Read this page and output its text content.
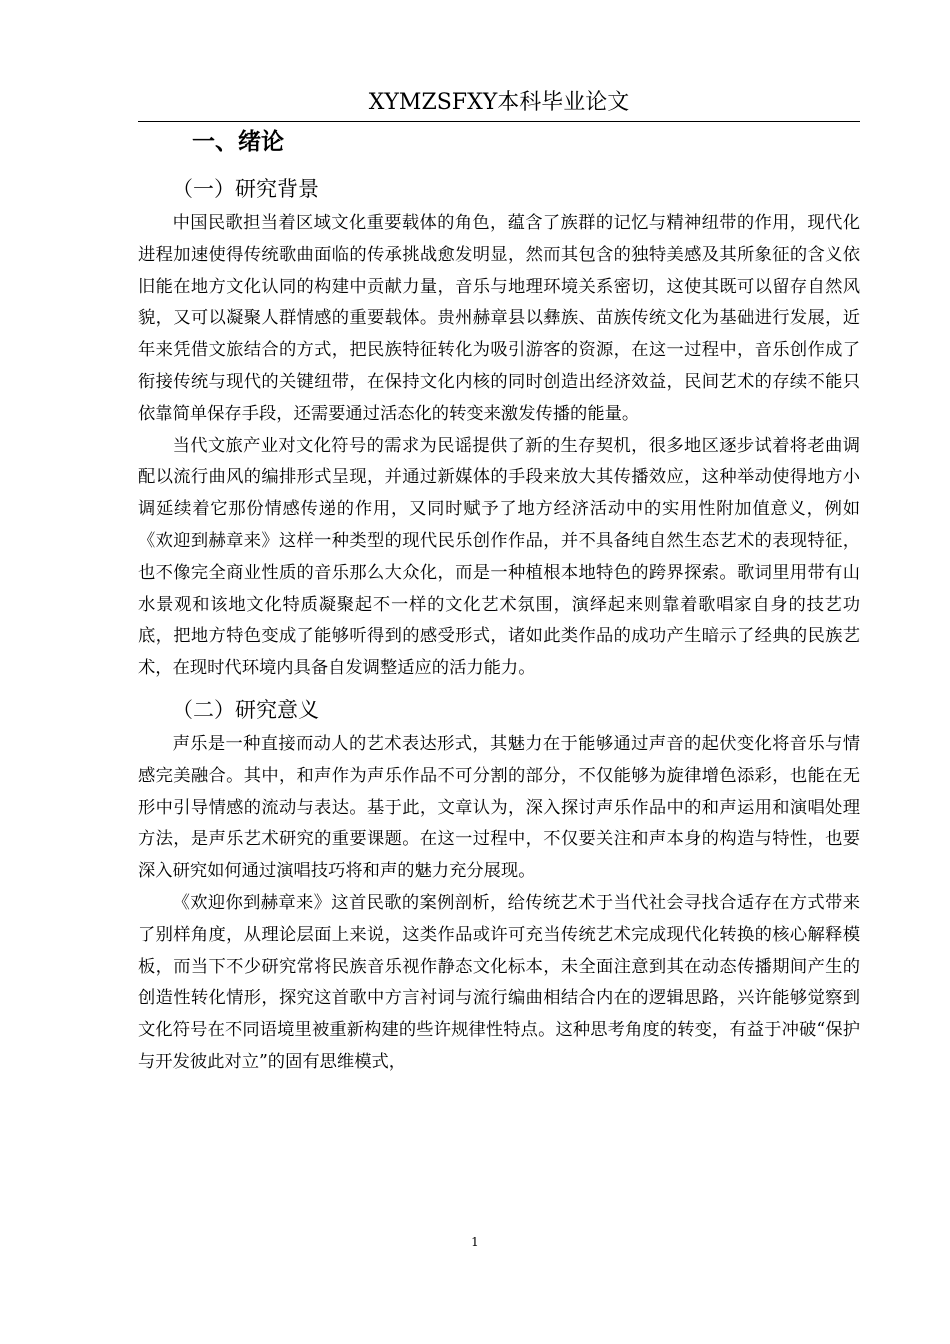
XYMZSFXY本科毕业论文
一、绪论
（一）研究背景

中国民歌担当着区域文化重要载体的角色，蕴含了族群的记忆与精神纽带的作用，现代化进程加速使得传统歌曲面临的传承挑战愈发明显，然而其包含的独特美感及其所象征的含义依旧能在地方文化认同的构建中贡献力量，音乐与地理环境关系密切，这使其既可以留存自然风貌，又可以凝聚人群情感的重要载体。贵州赫章县以彝族、苗族传统文化为基础进行发展，近年来凭借文旅结合的方式，把民族特征转化为吸引游客的资源，在这一过程中，音乐创作成了衔接传统与现代的关键纽带，在保持文化内核的同时创造出经济效益，民间艺术的存续不能只依靠简单保存手段，还需要通过活态化的转变来激发传播的能量。

当代文旅产业对文化符号的需求为民谣提供了新的生存契机，很多地区逐步试着将老曲调配以流行曲风的编排形式呈现，并通过新媒体的手段来放大其传播效应，这种举动使得地方小调延续着它那份情感传递的作用，又同时赋予了地方经济活动中的实用性附加值意义，例如《欢迎到赫章来》这样一种类型的现代民乐创作作品，并不具备纯自然生态艺术的表现特征，也不像完全商业性质的音乐那么大众化，而是一种植根本地特色的跨界探索。歌词里用带有山水景观和该地文化特质凝聚起不一样的文化艺术氛围，演绎起来则靠着歌唱家自身的技艺功底，把地方特色变成了能够听得到的感受形式，诸如此类作品的成功产生暗示了经典的民族艺术，在现时代环境内具备自发调整适应的活力能力。

（二）研究意义

声乐是一种直接而动人的艺术表达形式，其魅力在于能够通过声音的起伏变化将音乐与情感完美融合。其中，和声作为声乐作品不可分割的部分，不仅能够为旋律增色添彩，也能在无形中引导情感的流动与表达。基于此，文章认为，深入探讨声乐作品中的和声运用和演唱处理方法，是声乐艺术研究的重要课题。在这一过程中，不仅要关注和声本身的构造与特性，也要深入研究如何通过演唱技巧将和声的魅力充分展现。

《欢迎你到赫章来》这首民歌的案例剖析，给传统艺术于当代社会寻找合适存在方式带来了别样角度，从理论层面上来说，这类作品或许可充当传统艺术完成现代化转换的核心解释模板，而当下不少研究常将民族音乐视作静态文化标本，未全面注意到其在动态传播期间产生的创造性转化情形，探究这首歌中方言衬词与流行编曲相结合内在的逻辑思路，兴许能够觉察到文化符号在不同语境里被重新构建的些许规律性特点。这种思考角度的转变，有益于冲破“保护与开发彼此对立”的固有思维模式，

1
